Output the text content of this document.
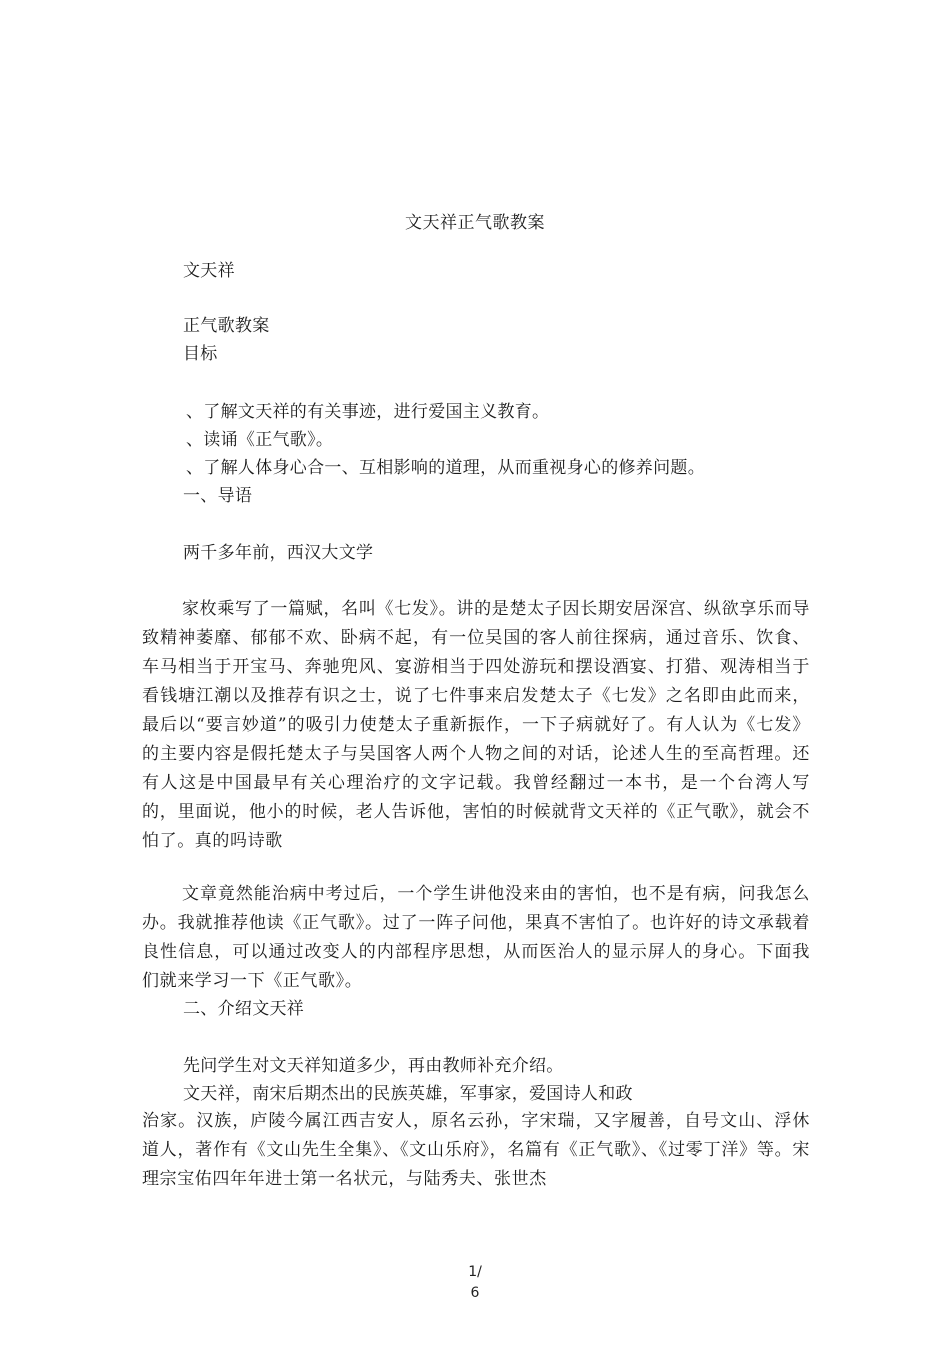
文天祥正气歌教案
文天祥
正气歌教案
目标
、了解文天祥的有关事迹，进行爱国主义教育。
、读诵《正气歌》。
、了解人体身心合一、互相影响的道理，从而重视身心的修养问题。
一、导语
两千多年前，西汉大文学
家枚乘写了一篇赋，名叫《七发》。讲的是楚太子因长期安居深宫、纵欲享乐而导致精神萎靡、郁郁不欢、卧病不起，有一位吴国的客人前往探病，通过音乐、饮食、车马相当于开宝马、奔驰兜风、宴游相当于四处游玩和摆设酒宴、打猎、观涛相当于看钱塘江潮以及推荐有识之士，说了七件事来启发楚太子《七发》之名即由此而来，最后以“要言妙道”的吸引力使楚太子重新振作，一下子病就好了。有人认为《七发》的主要内容是假托楚太子与吴国客人两个人物之间的对话，论述人生的至高哲理。还有人这是中国最早有关心理治疗的文字记载。我曾经翻过一本书，是一个台湾人写的，里面说，他小的时候，老人告诉他，害怕的时候就背文天祥的《正气歌》，就会不怕了。真的吗诗歌
文章竟然能治病中考过后，一个学生讲他没来由的害怕，也不是有病，问我怎么办。我就推荐他读《正气歌》。过了一阵子问他，果真不害怕了。也许好的诗文承载着良性信息，可以通过改变人的内部程序思想，从而医治人的显示屏人的身心。下面我们就来学习一下《正气歌》。
二、介绍文天祥
先问学生对文天祥知道多少，再由教师补充介绍。
文天祥，南宋后期杰出的民族英雄，军事家，爱国诗人和政
治家。汉族，庐陵今属江西吉安人，原名云孙，字宋瑞，又字履善，自号文山、浮休道人，著作有《文山先生全集》、《文山乐府》，名篇有《正气歌》、《过零丁洋》等。宋理宗宝佑四年年进士第一名状元，与陆秀夫、张世杰
1/
6
